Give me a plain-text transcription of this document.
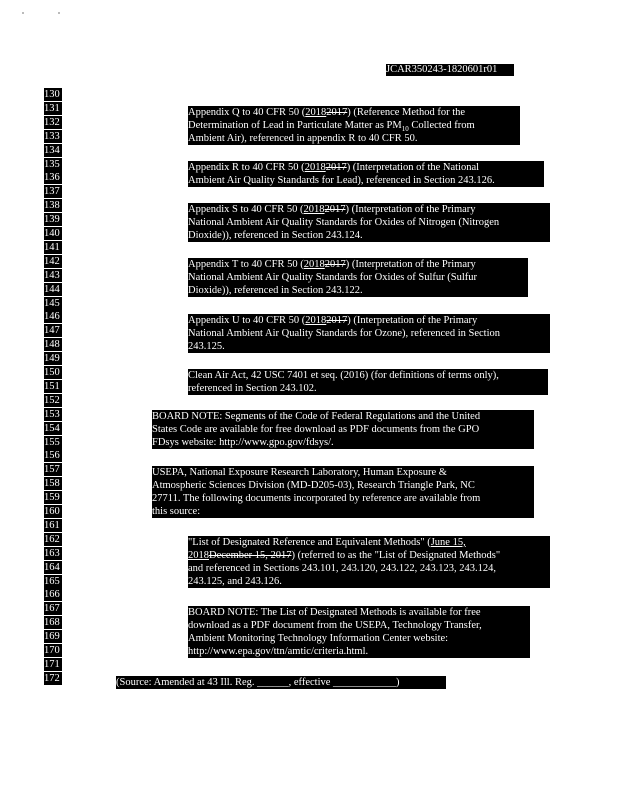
JCAR350243-1820601r01
130
131
132
133
134
135
136
137
138
139
140
141
142
143
144
145
146
147
148
149
150
151
152
153
154
155
156
157
158
159
160
161
162
163
164
165
166
167
168
169
170
171
172
Appendix Q to 40 CFR 50 (20182017) (Reference Method for the
Determination of Lead in Particulate Matter as $PM_{10}$ Collected from
Ambient Air), referenced in appendix R to 40 CFR 50.
Appendix R to 40 CFR 50 (20182017) (Interpretation of the National
Ambient Air Quality Standards for Lead), referenced in Section 243.126.
Appendix S to 40 CFR 50 (20182017) (Interpretation of the Primary
National Ambient Air Quality Standards for Oxides of Nitrogen (Nitrogen
Dioxide)), referenced in Section 243.124.
Appendix T to 40 CFR 50 (20182017) (Interpretation of the Primary
National Ambient Air Quality Standards for Oxides of Sulfur (Sulfur
Dioxide)), referenced in Section 243.122.
Appendix U to 40 CFR 50 (20182017) (Interpretation of the Primary
National Ambient Air Quality Standards for Ozone), referenced in Section
243.125.
Clean Air Act, 42 USC 7401 et seq. (2016) (for definitions of terms only),
referenced in Section 243.102.
BOARD NOTE: Segments of the Code of Federal Regulations and the United
States Code are available for free download as PDF documents from the GPO
FDsys website: http://www.gpo.gov/fdsys/.
USEPA, National Exposure Research Laboratory, Human Exposure &
Atmospheric Sciences Division (MD-D205-03), Research Triangle Park, NC
27711. The following documents incorporated by reference are available from
this source:
"List of Designated Reference and Equivalent Methods" (June 15,
2018December 15, 2017) (referred to as the "List of Designated Methods"
and referenced in Sections 243.101, 243.120, 243.122, 243.123, 243.124,
243.125, and 243.126.
BOARD NOTE: The List of Designated Methods is available for free
download as a PDF document from the USEPA, Technology Transfer,
Ambient Monitoring Technology Information Center website:
http://www.epa.gov/ttn/amtic/criteria.html.
(Source: Amended at 43 Ill. Reg. ______, effective ____________)
